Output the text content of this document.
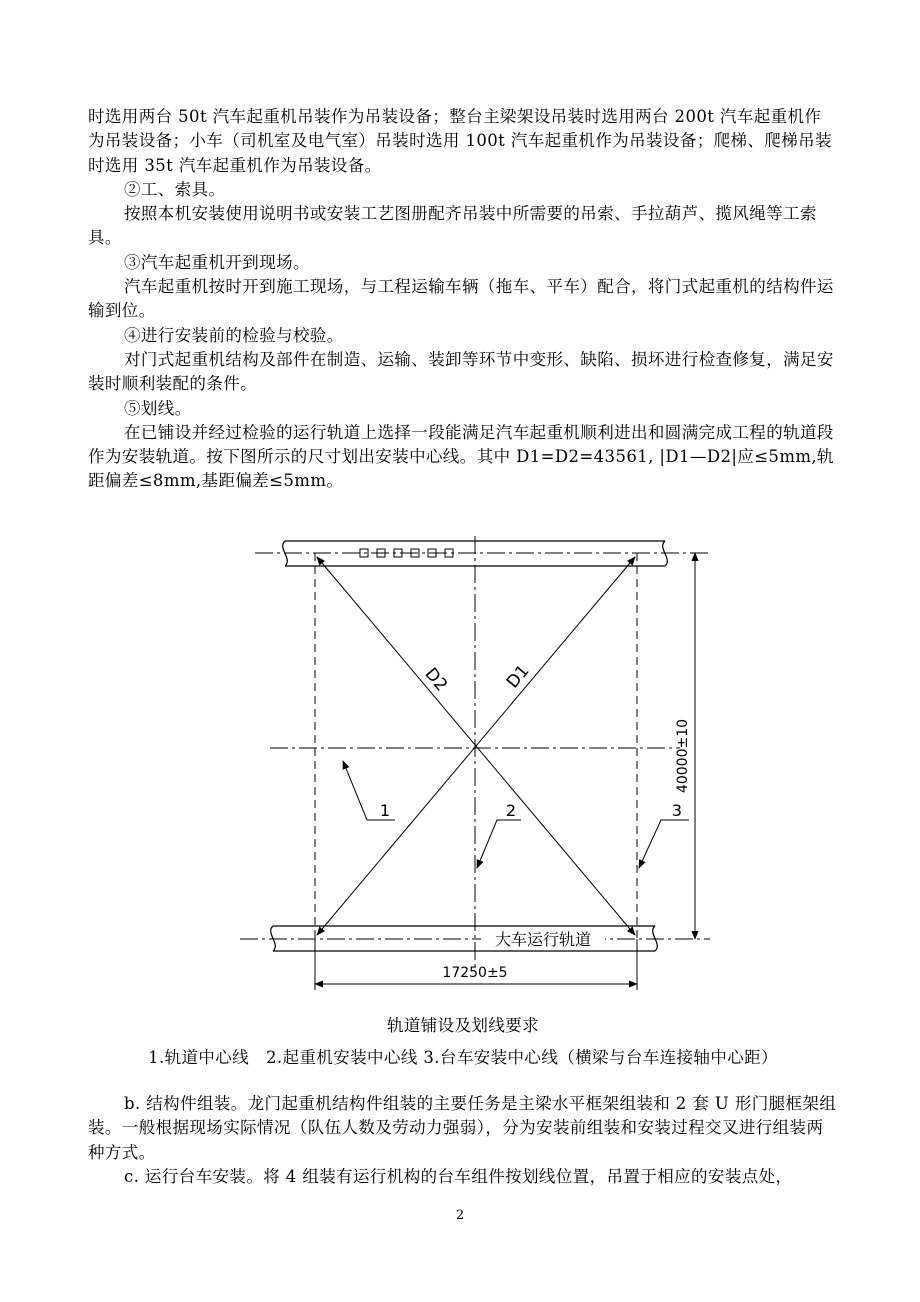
时选用两台 50t 汽车起重机吊装作为吊装设备；整台主梁架设吊装时选用两台 200t 汽车起重机作为吊装设备；小车（司机室及电气室）吊装时选用 100t 汽车起重机作为吊装设备；爬梯、爬梯吊装时选用 35t 汽车起重机作为吊装设备。

②工、索具。

按照本机安装使用说明书或安装工艺图册配齐吊装中所需要的吊索、手拉葫芦、揽风绳等工索具。

③汽车起重机开到现场。

汽车起重机按时开到施工现场，与工程运输车辆（拖车、平车）配合，将门式起重机的结构件运输到位。

④进行安装前的检验与校验。

对门式起重机结构及部件在制造、运输、装卸等环节中变形、缺陷、损坏进行检查修复，满足安装时顺利装配的条件。

⑤划线。

在已铺设并经过检验的运行轨道上选择一段能满足汽车起重机顺利进出和圆满完成工程的轨道段作为安装轨道。按下图所示的尺寸划出安装中心线。其中 D1=D2=43561, |D1—D2|应≤5mm,轨距偏差≤8mm,基距偏差≤5mm。

大车运行轨道
D2	D1
40000±10
17250±5
1	2	3
轨道铺设及划线要求
1.轨道中心线　2.起重机安装中心线 3.台车安装中心线（横梁与台车连接轴中心距）

b. 结构件组装。龙门起重机结构件组装的主要任务是主梁水平框架组装和 2 套 U 形门腿框架组装。一般根据现场实际情况（队伍人数及劳动力强弱），分为安装前组装和安装过程交叉进行组装两种方式。

c. 运行台车安装。将 4 组装有运行机构的台车组件按划线位置，吊置于相应的安装点处，

2
